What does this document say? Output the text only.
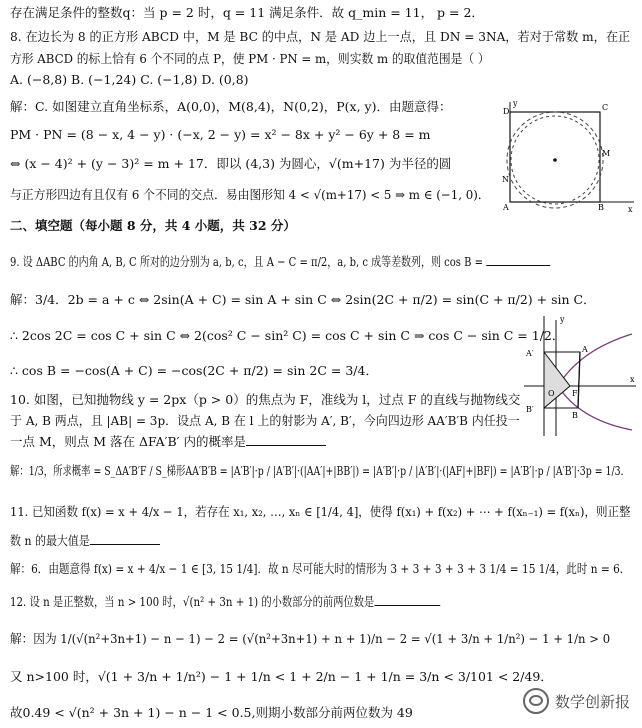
存在满足条件的整数q：当 p = 2 时，q = 11 满足条件．故 q_min = 11， p = 2．
8. 在边长为 8 的正方形 ABCD 中，M 是 BC 的中点，N 是 AD 边上一点，且 DN = 3NA，若对于常数 m，在正
方形 ABCD 的标上恰有 6 个不同的点 P，使 PM · PN = m，则实数 m 的取值范围是（ ）
A. (−8,8) B. (−1,24) C. (−1,8) D. (0,8)
解：C. 如图建立直角坐标系，A(0,0)，M(8,4)，N(0,2)，P(x, y)．由题意得：
PM · PN = (8 − x, 4 − y) · (−x, 2 − y) = x² − 8x + y² − 6y + 8 = m
⇔ (x − 4)² + (y − 3)² = m + 17．即以 (4,3) 为圆心，√(m+17) 为半径的圆
与正方形四边有且仅有 6 个不同的交点．易由图形知 4 < √(m+17) < 5 ⇒ m ∈ (−1, 0)．
二、填空题（每小题 8 分，共 4 小题，共 32 分）
9. 设 ΔABC 的内角 A, B, C 所对的边分别为 a, b, c，且 A − C = π/2，a, b, c 成等差数列，则 cos B =
解：3/4．2b = a + c ⇔ 2sin(A + C) = sin A + sin C ⇔ 2sin(2C + π/2) = sin(C + π/2) + sin C．
∴ 2cos 2C = cos C + sin C ⇔ 2(cos² C − sin² C) = cos C + sin C ⇒ cos C − sin C = 1/2．
∴ cos B = −cos(A + C) = −cos(2C + π/2) = sin 2C = 3/4．
10. 如图，已知抛物线 y = 2px（p > 0）的焦点为 F，准线为 l，过点 F 的直线与抛物线交
于 A, B 两点，且 |AB| = 3p．设点 A, B 在 l 上的射影为 A′, B′，今向四边形 AA′B′B 内任投一
一点 M，则点 M 落在 ΔFA′B′ 内的概率是
解：1/3，所求概率 = S_ΔA′B′F / S_梯形AA′B′B = |A′B′|·p / |A′B′|·(|AA′|+|BB′|) = |A′B′|·p / |A′B′|·(|AF|+|BF|) = |A′B′|·p / |A′B′|·3p = 1/3．
11. 已知函数 f(x) = x + 4/x − 1，若存在 x₁, x₂, …, xₙ ∈ [1/4, 4]，使得 f(x₁) + f(x₂) + ⋯ + f(xₙ₋₁) = f(xₙ)，则正整
数 n 的最大值是
解：6．由题意得 f(x) = x + 4/x − 1 ∈ [3, 15 1/4]．故 n 尽可能大时的情形为 3 + 3 + 3 + 3 + 3 1/4 = 15 1/4，此时 n = 6．
12. 设 n 是正整数，当 n > 100 时，√(n² + 3n + 1) 的小数部分的前两位数是
解：因为 1/(√(n²+3n+1) − n − 1) − 2 = (√(n²+3n+1) + n + 1)/n − 2 = √(1 + 3/n + 1/n²) − 1 + 1/n > 0
又 n>100 时，√(1 + 3/n + 1/n²) − 1 + 1/n < 1 + 2/n − 1 + 1/n = 3/n < 3/101 < 2/49．
故0.49 < √(n² + 3n + 1) − n − 1 < 0.5,则期小数部分前两位数为 49
D
A	B
C
M
N
x
y
y
x
A′
B′
A
B
O F
数学创新报
